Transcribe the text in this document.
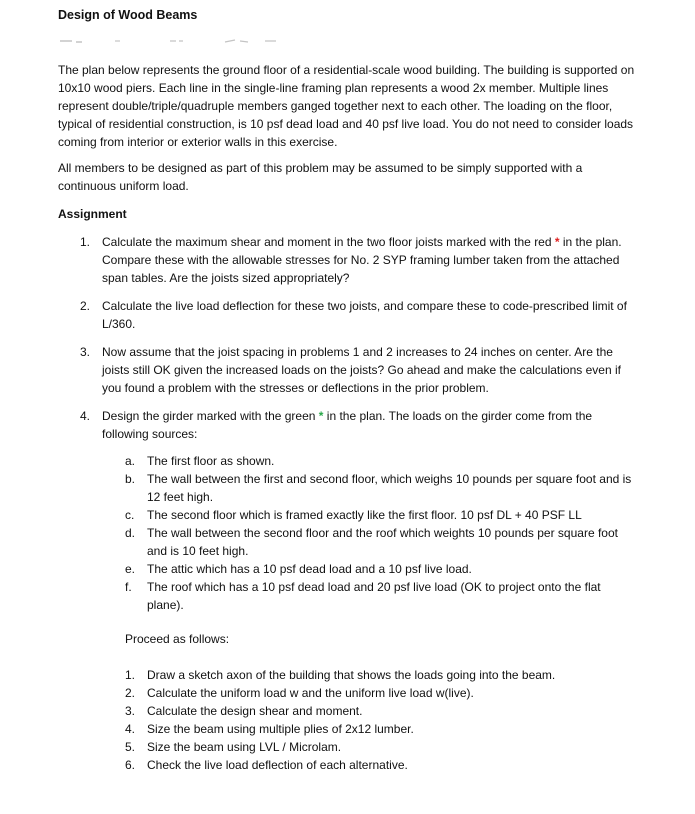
Design of Wood Beams

The plan below represents the ground floor of a residential-scale wood building. The building is supported on 10x10 wood piers. Each line in the single-line framing plan represents a wood 2x member. Multiple lines represent double/triple/quadruple members ganged together next to each other. The loading on the floor, typical of residential construction, is 10 psf dead load and 40 psf live load. You do not need to consider loads coming from interior or exterior walls in this exercise.

All members to be designed as part of this problem may be assumed to be simply supported with a continuous uniform load.

Assignment

1. Calculate the maximum shear and moment in the two floor joists marked with the red * in the plan. Compare these with the allowable stresses for No. 2 SYP framing lumber taken from the attached span tables. Are the joists sized appropriately?
2. Calculate the live load deflection for these two joists, and compare these to code-prescribed limit of L/360.
3. Now assume that the joist spacing in problems 1 and 2 increases to 24 inches on center. Are the joists still OK given the increased loads on the joists? Go ahead and make the calculations even if you found a problem with the stresses or deflections in the prior problem.
4. Design the girder marked with the green * in the plan. The loads on the girder come from the following sources:
a. The first floor as shown.
b. The wall between the first and second floor, which weighs 10 pounds per square foot and is 12 feet high.
c. The second floor which is framed exactly like the first floor. 10 psf DL + 40 PSF LL
d. The wall between the second floor and the roof which weights 10 pounds per square foot and is 10 feet high.
e. The attic which has a 10 psf dead load and a 10 psf live load.
f. The roof which has a 10 psf dead load and 20 psf live load (OK to project onto the flat plane).

Proceed as follows:

1. Draw a sketch axon of the building that shows the loads going into the beam.
2. Calculate the uniform load w and the uniform live load w(live).
3. Calculate the design shear and moment.
4. Size the beam using multiple plies of 2x12 lumber.
5. Size the beam using LVL / Microlam.
6. Check the live load deflection of each alternative.
